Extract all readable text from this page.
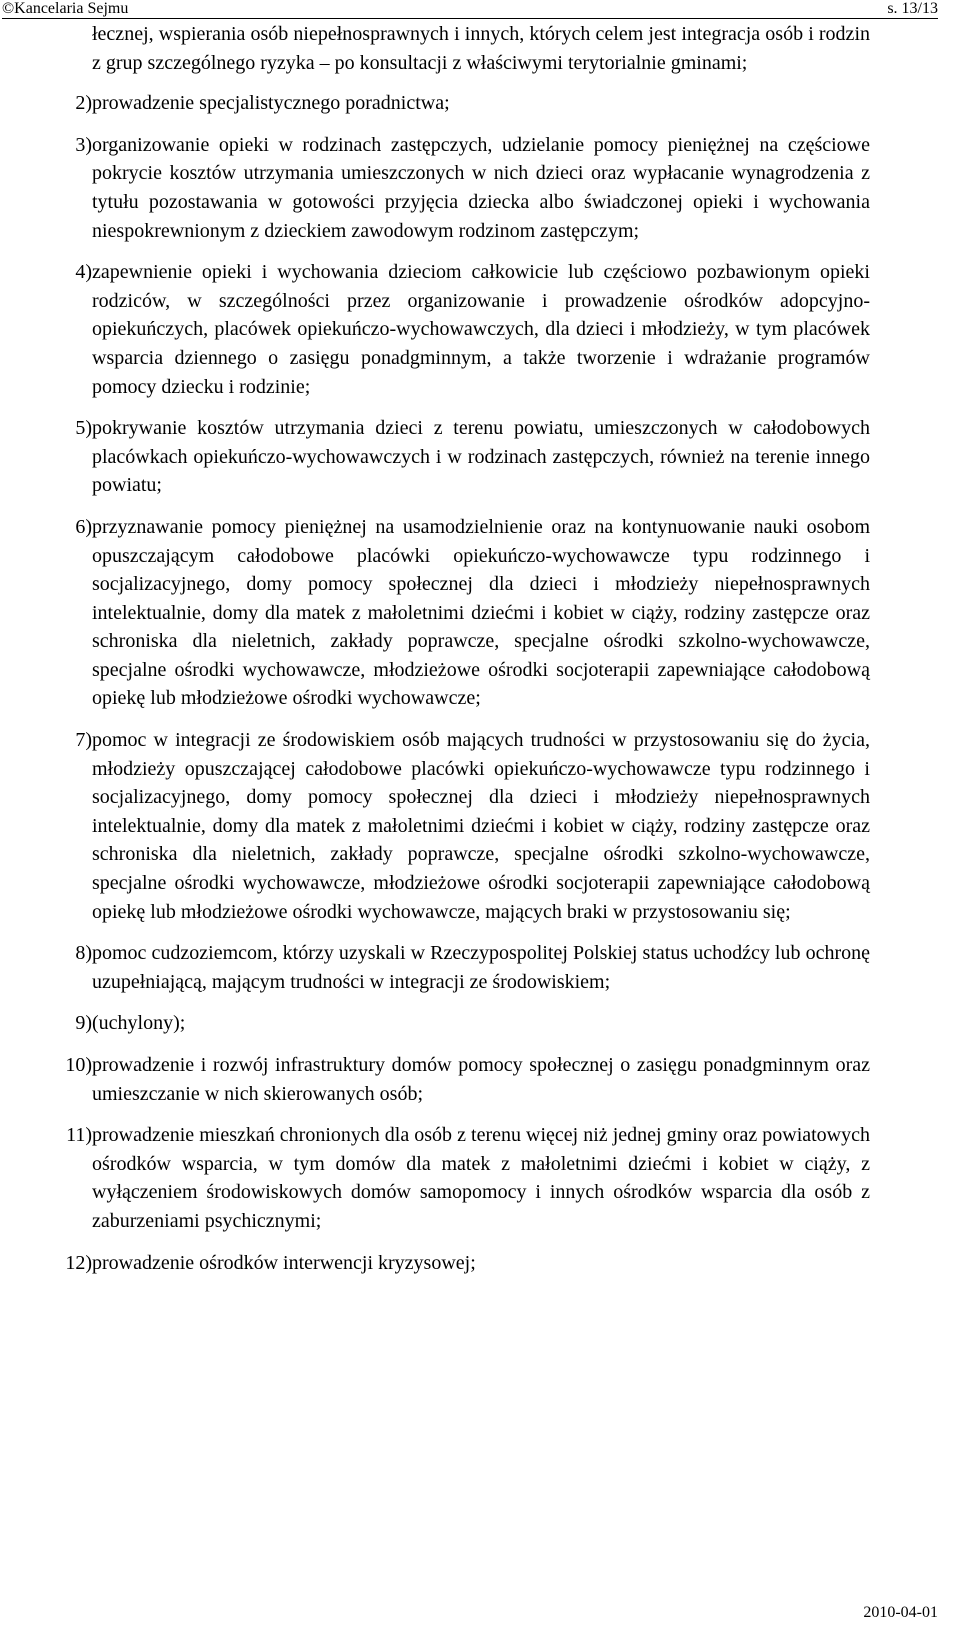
©Kancelaria Sejmu	s. 13/13

łecznej, wspierania osób niepełnosprawnych i innych, których celem jest integracja osób i rodzin z grup szczególnego ryzyka – po konsultacji z właściwymi terytorialnie gminami;

2) prowadzenie specjalistycznego poradnictwa;
3) organizowanie opieki w rodzinach zastępczych, udzielanie pomocy pieniężnej na częściowe pokrycie kosztów utrzymania umieszczonych w nich dzieci oraz wypłacanie wynagrodzenia z tytułu pozostawania w gotowości przyjęcia dziecka albo świadczonej opieki i wychowania niespokrewnionym z dzieckiem zawodowym rodzinom zastępczym;
4) zapewnienie opieki i wychowania dzieciom całkowicie lub częściowo pozbawionym opieki rodziców, w szczególności przez organizowanie i prowadzenie ośrodków adopcyjno-opiekuńczych, placówek opiekuńczo-wychowawczych, dla dzieci i młodzieży, w tym placówek wsparcia dziennego o zasięgu ponadgminnym, a także tworzenie i wdrażanie programów pomocy dziecku i rodzinie;
5) pokrywanie kosztów utrzymania dzieci z terenu powiatu, umieszczonych w całodobowych placówkach opiekuńczo-wychowawczych i w rodzinach zastępczych, również na terenie innego powiatu;
6) przyznawanie pomocy pieniężnej na usamodzielnienie oraz na kontynuowanie nauki osobom opuszczającym całodobowe placówki opiekuńczo-wychowawcze typu rodzinnego i socjalizacyjnego, domy pomocy społecznej dla dzieci i młodzieży niepełnosprawnych intelektualnie, domy dla matek z małoletnimi dziećmi i kobiet w ciąży, rodziny zastępcze oraz schroniska dla nieletnich, zakłady poprawcze, specjalne ośrodki szkolno-wychowawcze, specjalne ośrodki wychowawcze, młodzieżowe ośrodki socjoterapii zapewniające całodobową opiekę lub młodzieżowe ośrodki wychowawcze;
7) pomoc w integracji ze środowiskiem osób mających trudności w przystosowaniu się do życia, młodzieży opuszczającej całodobowe placówki opiekuńczo-wychowawcze typu rodzinnego i socjalizacyjnego, domy pomocy społecznej dla dzieci i młodzieży niepełnosprawnych intelektualnie, domy dla matek z małoletnimi dziećmi i kobiet w ciąży, rodziny zastępcze oraz schroniska dla nieletnich, zakłady poprawcze, specjalne ośrodki szkolno-wychowawcze, specjalne ośrodki wychowawcze, młodzieżowe ośrodki socjoterapii zapewniające całodobową opiekę lub młodzieżowe ośrodki wychowawcze, mających braki w przystosowaniu się;
8) pomoc cudzoziemcom, którzy uzyskali w Rzeczypospolitej Polskiej status uchodźcy lub ochronę uzupełniającą, mającym trudności w integracji ze środowiskiem;
9) (uchylony);
10) prowadzenie i rozwój infrastruktury domów pomocy społecznej o zasięgu ponadgminnym oraz umieszczanie w nich skierowanych osób;
11) prowadzenie mieszkań chronionych dla osób z terenu więcej niż jednej gminy oraz powiatowych ośrodków wsparcia, w tym domów dla matek z małoletnimi dziećmi i kobiet w ciąży, z wyłączeniem środowiskowych domów samopomocy i innych ośrodków wsparcia dla osób z zaburzeniami psychicznymi;
12) prowadzenie ośrodków interwencji kryzysowej;
2010-04-01
